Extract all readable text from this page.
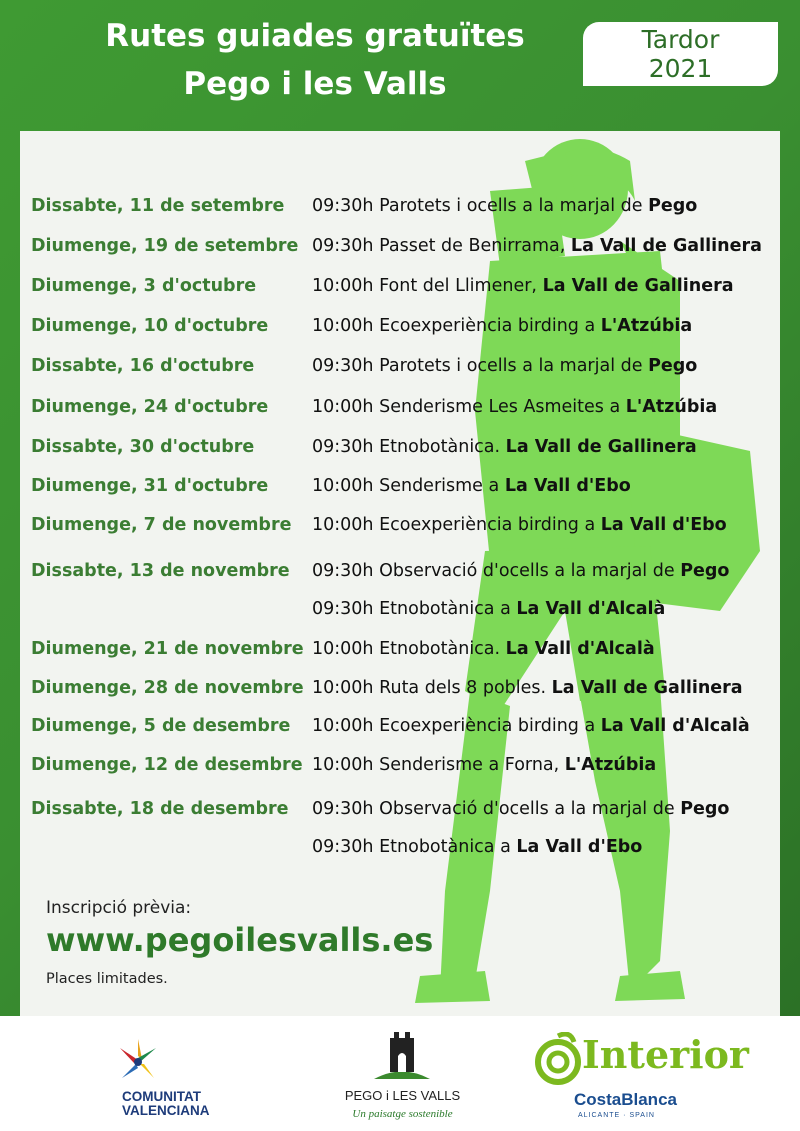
Rutes guiades gratuïtes
Pego i les Valls
Tardor
2021
Dissabte, 11 de setembre 09:30h Parotets i ocells a la marjal de Pego
Diumenge, 19 de setembre 09:30h Passet de Benirrama, La Vall de Gallinera
Diumenge, 3 d'octubre	10:00h Font del Llimener, La Vall de Gallinera
Diumenge, 10 d'octubre 10:00h Ecoexperiència birding a L'Atzúbia
Dissabte, 16 d'octubre	09:30h Parotets i ocells a la marjal de Pego
Diumenge, 24 d'octubre 10:00h Senderisme Les Asmeites a L'Atzúbia
Dissabte, 30 d'octubre	09:30h Etnobotànica. La Vall de Gallinera
Diumenge, 31 d'octubre 10:00h Senderisme a La Vall d'Ebo
Diumenge, 7 de novembre 10:00h Ecoexperiència birding a La Vall d'Ebo
Dissabte, 13 de novembre 09:30h Observació d'ocells a la marjal de Pego
09:30h Etnobotànica a La Vall d'Alcalà
Diumenge, 21 de novembre 10:00h Etnobotànica. La Vall d'Alcalà
Diumenge, 28 de novembre 10:00h Ruta dels 8 pobles. La Vall de Gallinera
Diumenge, 5 de desembre 10:00h Ecoexperiència birding a La Vall d'Alcalà
Diumenge, 12 de desembre 10:00h Senderisme a Forna, L'Atzúbia
Dissabte, 18 de desembre 09:30h Observació d'ocells a la marjal de Pego
09:30h Etnobotànica a La Vall d'Ebo
Inscripció prèvia:
www.pegoilesvalls.es
Places limitades.
COMUNITAT
VALENCIANA
PEGO i LES VALLS
Un paisatge sostenible
Interior
CostaBlanca
ALICANTE · SPAIN
